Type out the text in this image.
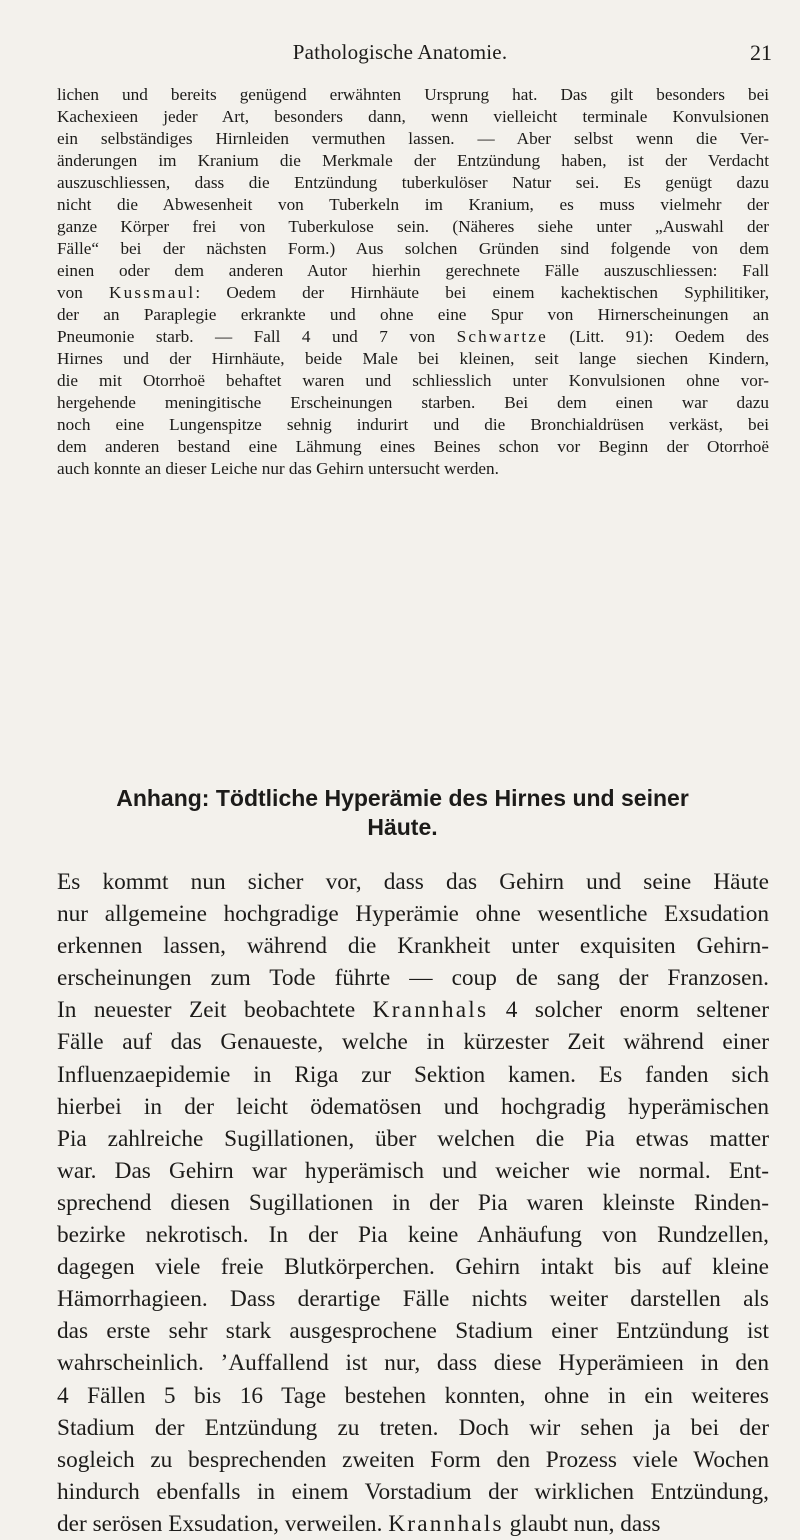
Pathologische Anatomie.	21

lichen und bereits genügend erwähnten Ursprung hat. Das gilt besonders bei

Kachexieen jeder Art, besonders dann, wenn vielleicht terminale Konvulsionen

ein selbständiges Hirnleiden vermuthen lassen. — Aber selbst wenn die Ver-

änderungen im Kranium die Merkmale der Entzündung haben, ist der Verdacht

auszuschliessen, dass die Entzündung tuberkulöser Natur sei. Es genügt dazu

nicht die Abwesenheit von Tuberkeln im Kranium, es muss vielmehr der

ganze Körper frei von Tuberkulose sein. (Näheres siehe unter „Auswahl der

Fälle“ bei der nächsten Form.) Aus solchen Gründen sind folgende von dem

einen oder dem anderen Autor hierhin gerechnete Fälle auszuschliessen: Fall

von Kussmaul: Oedem der Hirnhäute bei einem kachektischen Syphilitiker,

der an Paraplegie erkrankte und ohne eine Spur von Hirnerscheinungen an

Pneumonie starb. — Fall 4 und 7 von Schwartze (Litt. 91): Oedem des

Hirnes und der Hirnhäute, beide Male bei kleinen, seit lange siechen Kindern,

die mit Otorrhoë behaftet waren und schliesslich unter Konvulsionen ohne vor-

hergehende meningitische Erscheinungen starben. Bei dem einen war dazu

noch eine Lungenspitze sehnig indurirt und die Bronchialdrüsen verkäst, bei

dem anderen bestand eine Lähmung eines Beines schon vor Beginn der Otorrhoë

auch konnte an dieser Leiche nur das Gehirn untersucht werden.

Anhang: Tödtliche Hyperämie des Hirnes und seiner
Häute.

Es kommt nun sicher vor, dass das Gehirn und seine Häute

nur allgemeine hochgradige Hyperämie ohne wesentliche Exsudation

erkennen lassen, während die Krankheit unter exquisiten Gehirn-

erscheinungen zum Tode führte — coup de sang der Franzosen.

In neuester Zeit beobachtete Krannhals 4 solcher enorm seltener

Fälle auf das Genaueste, welche in kürzester Zeit während einer

Influenzaepidemie in Riga zur Sektion kamen. Es fanden sich

hierbei in der leicht ödematösen und hochgradig hyperämischen

Pia zahlreiche Sugillationen, über welchen die Pia etwas matter

war. Das Gehirn war hyperämisch und weicher wie normal. Ent-

sprechend diesen Sugillationen in der Pia waren kleinste Rinden-

bezirke nekrotisch. In der Pia keine Anhäufung von Rundzellen,

dagegen viele freie Blutkörperchen. Gehirn intakt bis auf kleine

Hämorrhagieen. Dass derartige Fälle nichts weiter darstellen als

das erste sehr stark ausgesprochene Stadium einer Entzündung ist

wahrscheinlich. ’Auffallend ist nur, dass diese Hyperämieen in den

4 Fällen 5 bis 16 Tage bestehen konnten, ohne in ein weiteres

Stadium der Entzündung zu treten. Doch wir sehen ja bei der

sogleich zu besprechenden zweiten Form den Prozess viele Wochen

hindurch ebenfalls in einem Vorstadium der wirklichen Entzündung,

der serösen Exsudation, verweilen. Krannhals glaubt nun, dass
